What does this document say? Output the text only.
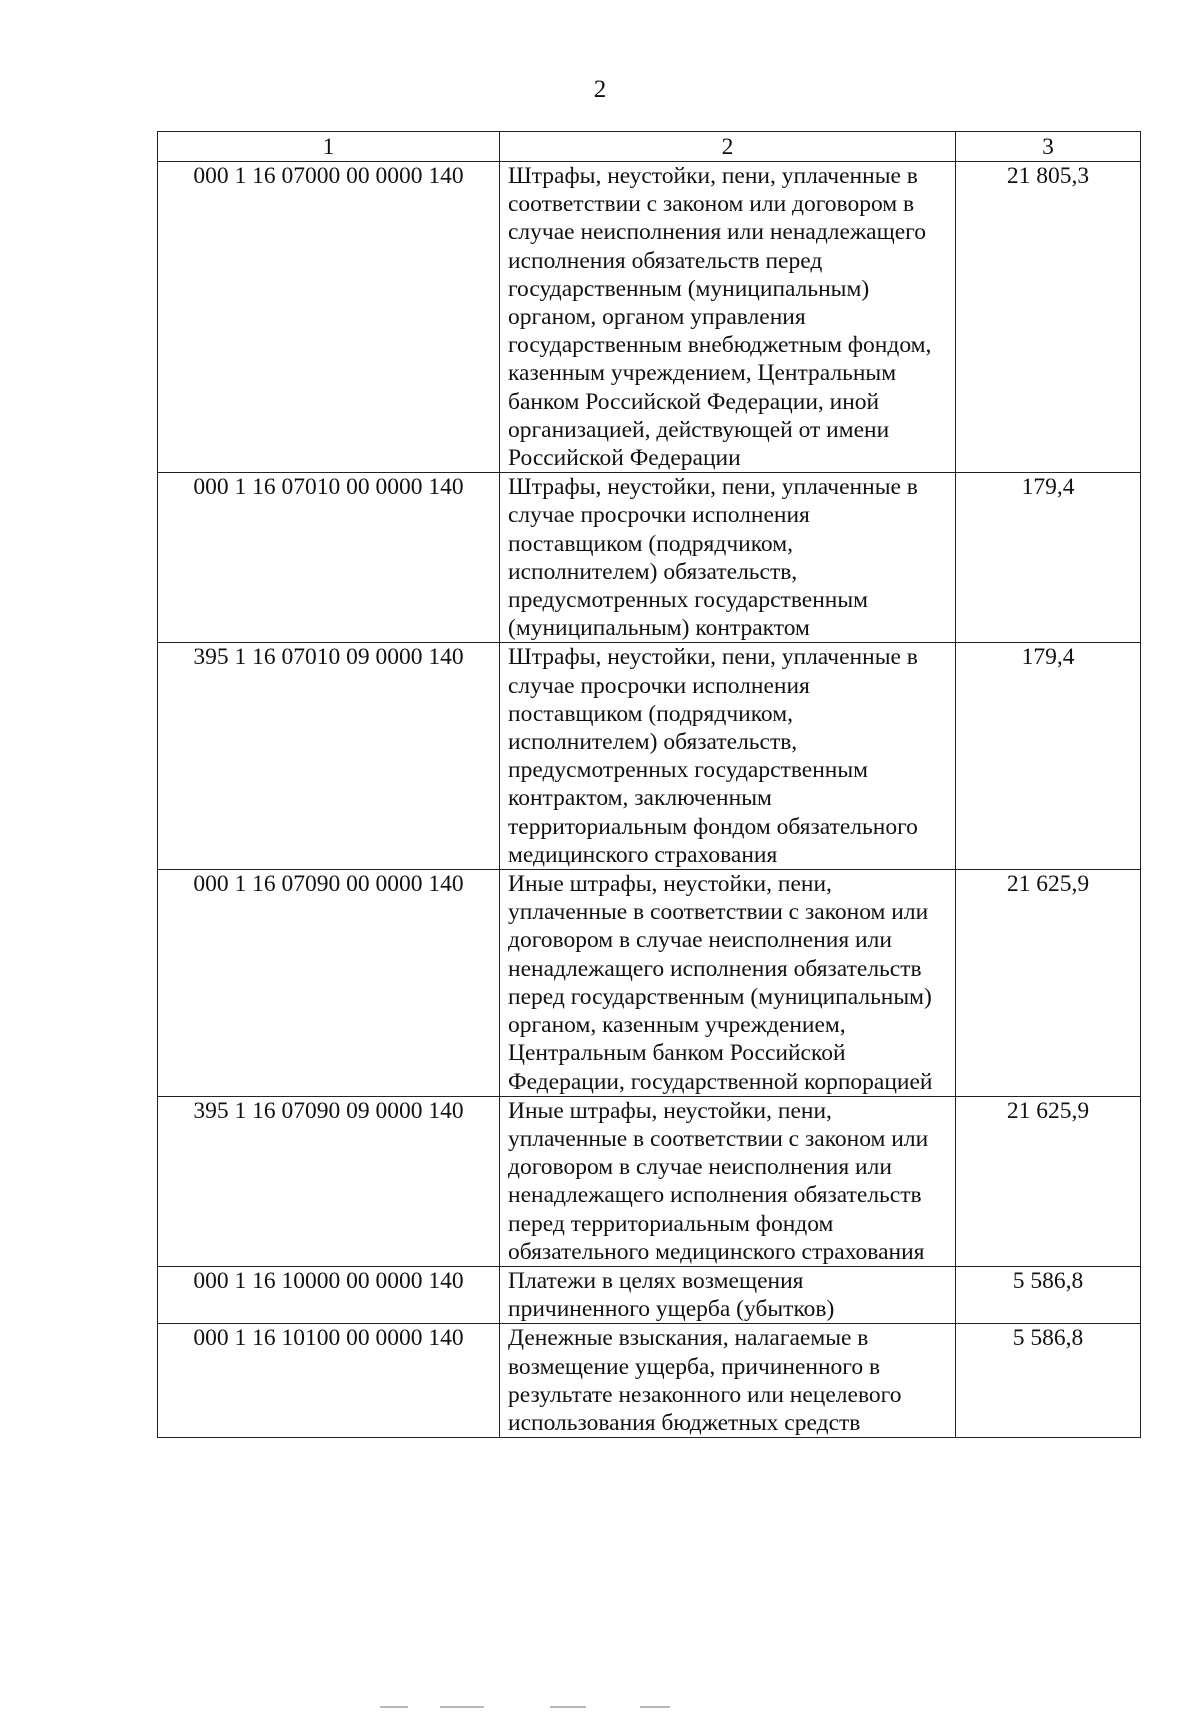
2
1	2	3
000 1 16 07000 00 0000 140	Штрафы, неустойки, пени, уплаченные в соответствии с законом или договором в случае неисполнения или ненадлежащего исполнения обязательств перед государственным (муниципальным) органом, органом управления государственным внебюджетным фондом, казенным учреждением, Центральным банком Российской Федерации, иной организацией, действующей от имени Российской Федерации	21 805,3
000 1 16 07010 00 0000 140	Штрафы, неустойки, пени, уплаченные в случае просрочки исполнения поставщиком (подрядчиком, исполнителем) обязательств, предусмотренных государственным (муниципальным) контрактом	179,4
395 1 16 07010 09 0000 140	Штрафы, неустойки, пени, уплаченные в случае просрочки исполнения поставщиком (подрядчиком, исполнителем) обязательств, предусмотренных государственным контрактом, заключенным территориальным фондом обязательного медицинского страхования	179,4
000 1 16 07090 00 0000 140	Иные штрафы, неустойки, пени, уплаченные в соответствии с законом или договором в случае неисполнения или ненадлежащего исполнения обязательств перед государственным (муниципальным) органом, казенным учреждением, Центральным банком Российской Федерации, государственной корпорацией	21 625,9
395 1 16 07090 09 0000 140	Иные штрафы, неустойки, пени, уплаченные в соответствии с законом или договором в случае неисполнения или ненадлежащего исполнения обязательств перед территориальным фондом обязательного медицинского страхования	21 625,9
000 1 16 10000 00 0000 140	Платежи в целях возмещения причиненного ущерба (убытков)	5 586,8
000 1 16 10100 00 0000 140	Денежные взыскания, налагаемые в возмещение ущерба, причиненного в результате незаконного или нецелевого использования бюджетных средств	5 586,8
